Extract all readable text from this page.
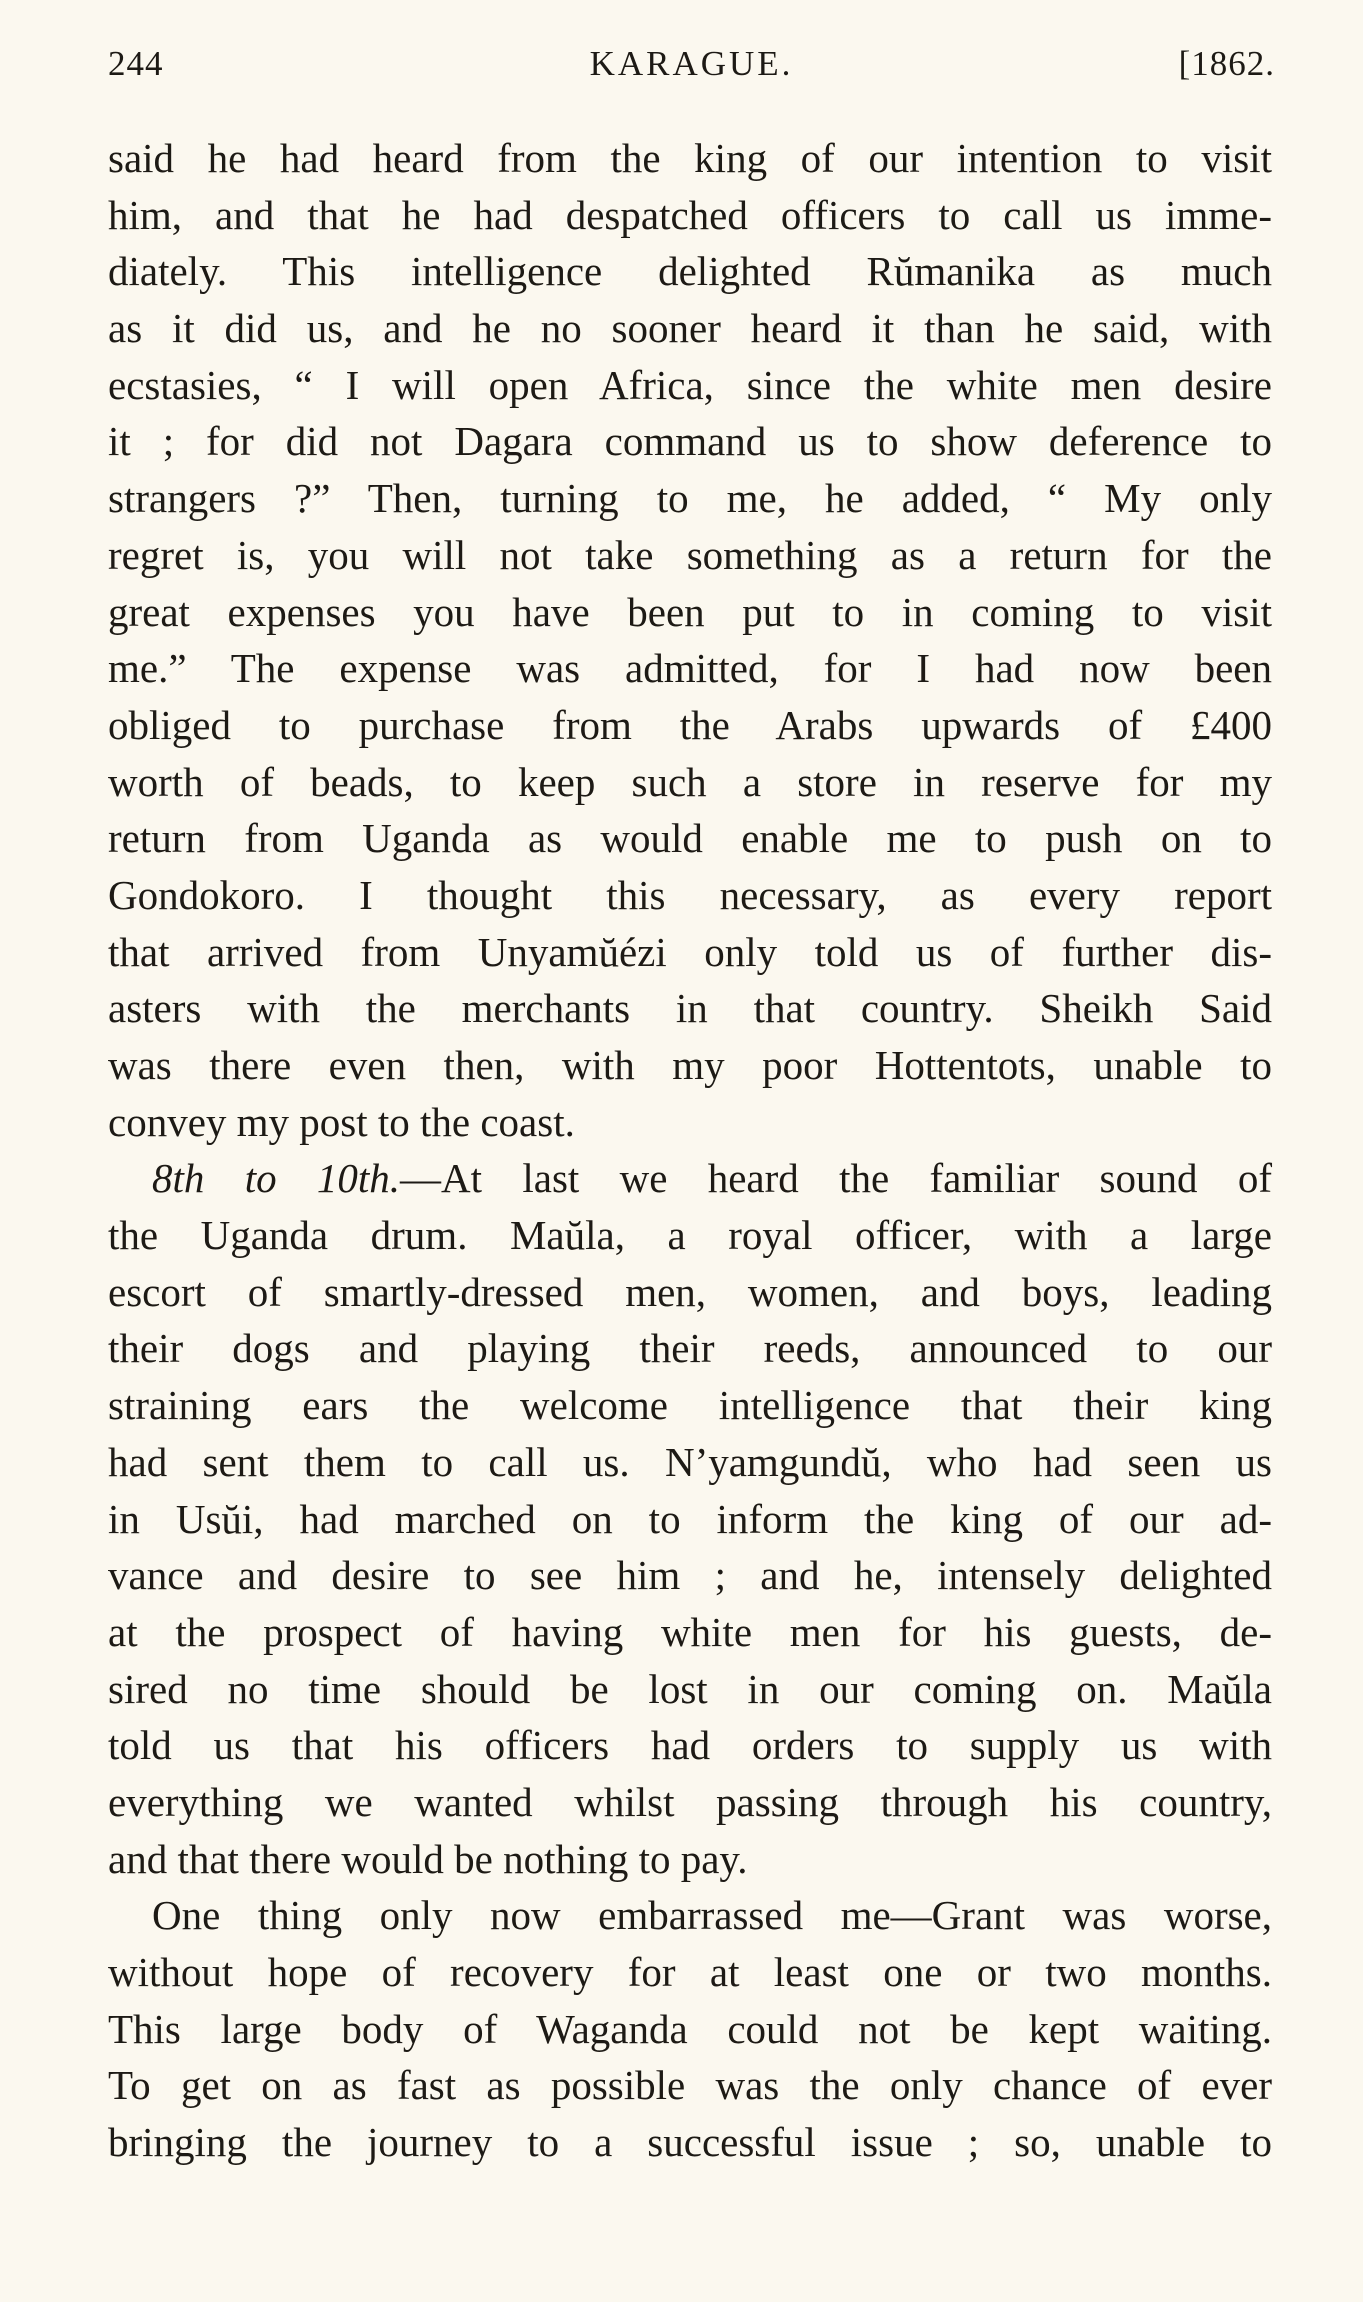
244	KARAGUE.	[1862.
said he had heard from the king of our intention to visit
him, and that he had despatched officers to call us imme-
diately. This intelligence delighted Rŭmanika as much
as it did us, and he no sooner heard it than he said, with
ecstasies, “ I will open Africa, since the white men desire
it ; for did not Dagara command us to show deference to
strangers ?” Then, turning to me, he added, “ My only
regret is, you will not take something as a return for the
great expenses you have been put to in coming to visit
me.” The expense was admitted, for I had now been
obliged to purchase from the Arabs upwards of £400
worth of beads, to keep such a store in reserve for my
return from Uganda as would enable me to push on to
Gondokoro. I thought this necessary, as every report
that arrived from Unyamŭézi only told us of further dis-
asters with the merchants in that country. Sheikh Said
was there even then, with my poor Hottentots, unable to
convey my post to the coast.
8th to 10th.—At last we heard the familiar sound of
the Uganda drum. Maŭla, a royal officer, with a large
escort of smartly-dressed men, women, and boys, leading
their dogs and playing their reeds, announced to our
straining ears the welcome intelligence that their king
had sent them to call us. N’yamgundŭ, who had seen us
in Usŭi, had marched on to inform the king of our ad-
vance and desire to see him ; and he, intensely delighted
at the prospect of having white men for his guests, de-
sired no time should be lost in our coming on. Maŭla
told us that his officers had orders to supply us with
everything we wanted whilst passing through his country,
and that there would be nothing to pay.
One thing only now embarrassed me—Grant was worse,
without hope of recovery for at least one or two months.
This large body of Waganda could not be kept waiting.
To get on as fast as possible was the only chance of ever
bringing the journey to a successful issue ; so, unable to
